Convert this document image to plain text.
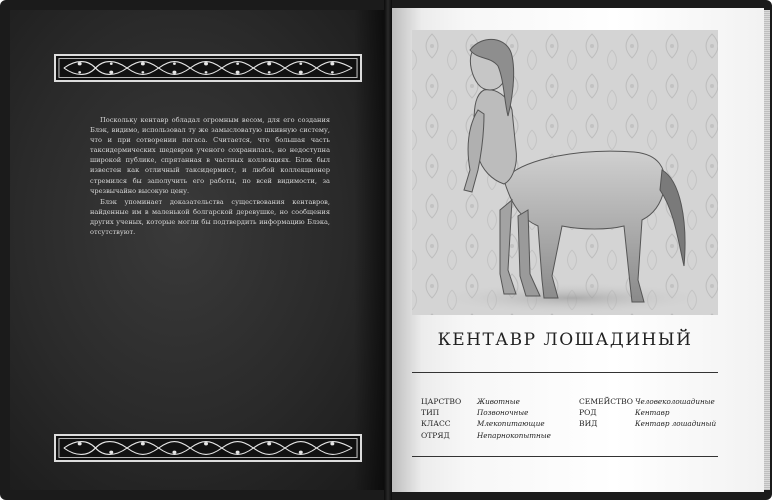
Поскольку кентавр обладал огромным весом, для его создания Блэк, видимо, использовал ту же замысловатую шкивную систему, что и при сотворении пегаса. Считается, что большая часть таксидермических шедевров ученого сохранилась, но недоступна широкой публике, спрятанная в частных коллекциях. Блэк был известен как отличный таксидермист, и любой коллекционер стремился бы заполучить его работы, по всей видимости, за чрезвычайно высокую цену.

Блэк упоминает доказательства существования кентавров, найденные им в маленькой болгарской деревушке, но сообщения других ученых, которые могли бы подтвердить информацию Блэка, отсутствуют.

КЕНТАВР ЛОШАДИНЫЙ
ЦАРСТВО Животные
ТИП	Позвоночные
КЛАСС	Млекопитающие
ОТРЯД	Непарнокопытные
СЕМЕЙСТВО Человеколошадиные
РОД	Кентавр
ВИД	Кентавр лошадиный
